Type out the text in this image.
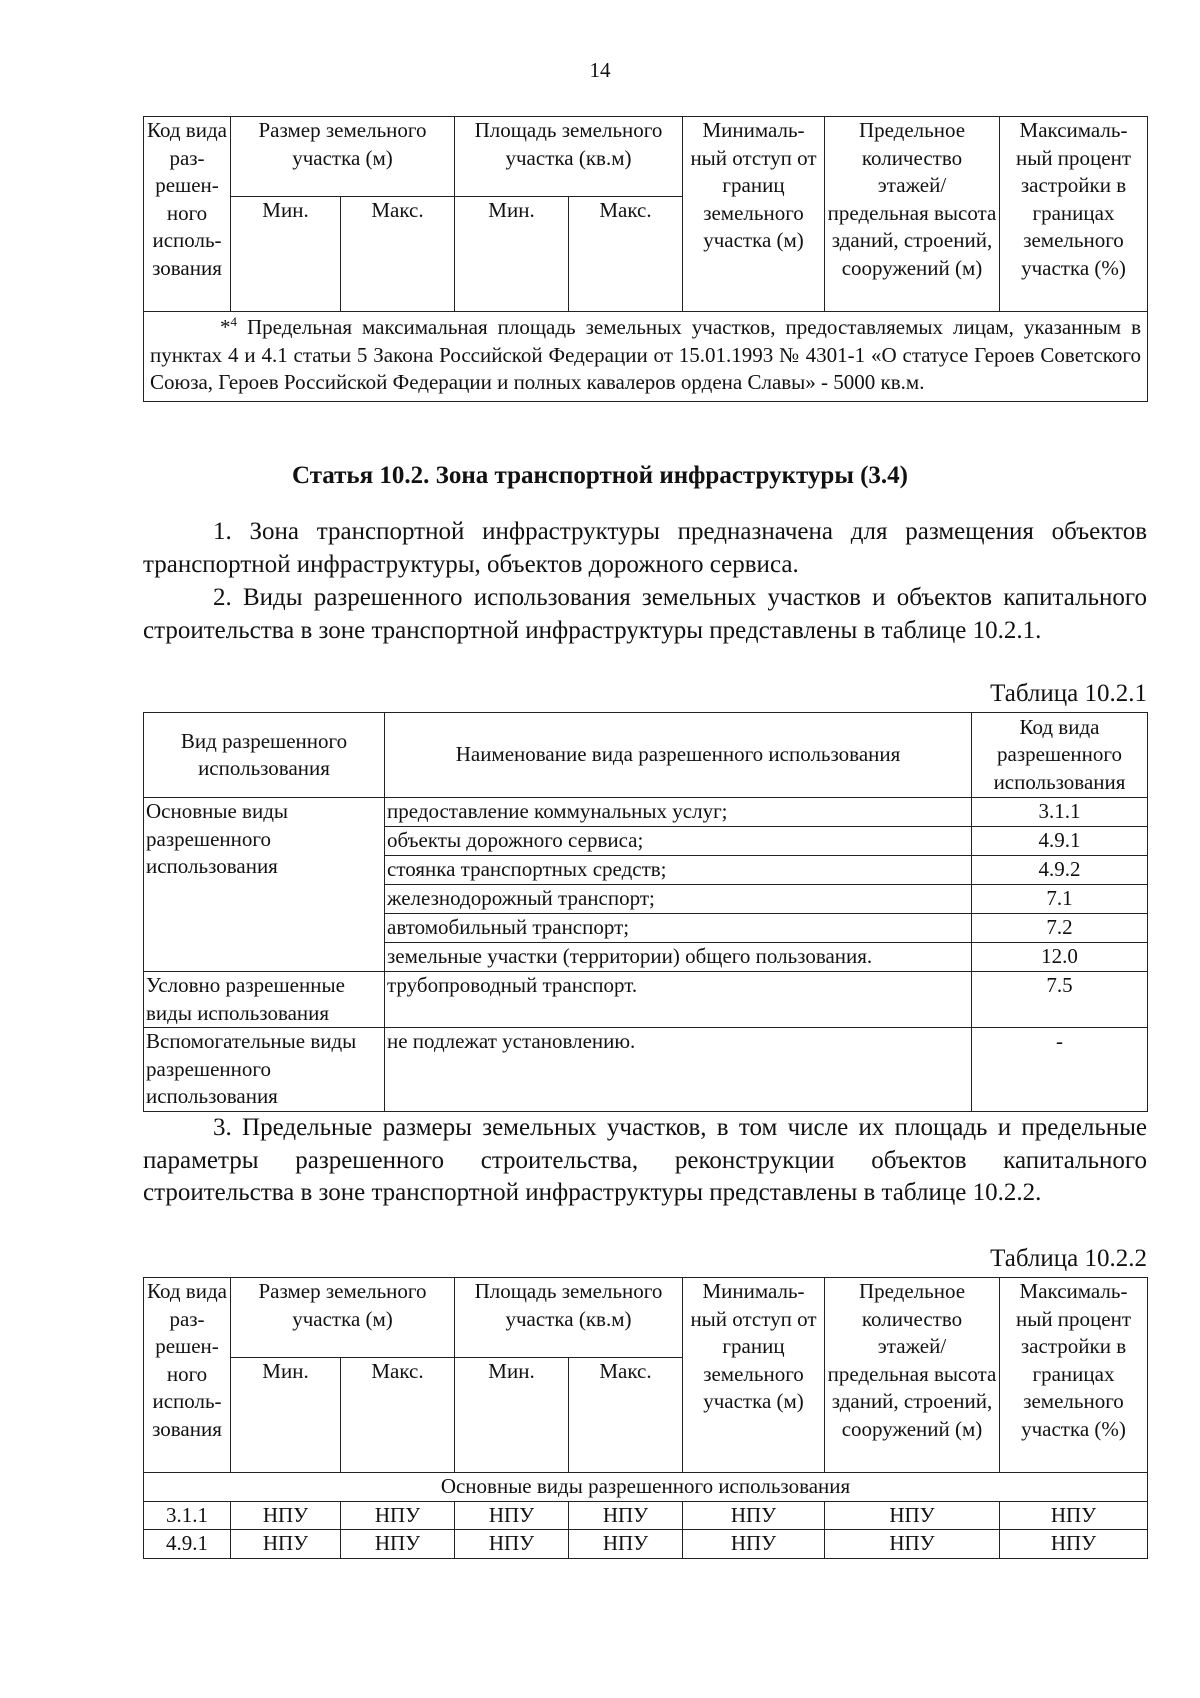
14
Код вида раз-решен-ного исполь-зования	Размер земельного участка (м)		Площадь земельного участка (кв.м)		Минималь-ный отступ от границ земельного участка (м)	Предельное количество этажей/ предельная высота зданий, строений, сооружений (м)	Максималь-ный процент застройки в границах земельного участка (%)
	Мин.	Макс.	Мин.	Макс.			
*$^4$ Предельная максимальная площадь земельных участков, предоставляемых лицам, указанным в пунктах 4 и 4.1 статьи 5 Закона Российской Федерации от 15.01.1993 № 4301-1 «О статусе Героев Советского Союза, Героев Российской Федерации и полных кавалеров ордена Славы» - 5000 кв.м.							
Статья 10.2. Зона транспортной инфраструктуры (3.4)
1. Зона транспортной инфраструктуры предназначена для размещения объектов транспортной инфраструктуры, объектов дорожного сервиса.
2. Виды разрешенного использования земельных участков и объектов капитального строительства в зоне транспортной инфраструктуры представлены в таблице 10.2.1.
Таблица 10.2.1
Вид разрешенного использования	Наименование вида разрешенного использования	Код вида разрешенного использования
Основные виды разрешенного использования	предоставление коммунальных услуг;	3.1.1
	объекты дорожного сервиса;	4.9.1
	стоянка транспортных средств;	4.9.2
	железнодорожный транспорт;	7.1
	автомобильный транспорт;	7.2
	земельные участки (территории) общего пользования.	12.0
Условно разрешенные виды использования	трубопроводный транспорт.	7.5
Вспомогательные виды разрешенного использования	не подлежат установлению.	-
3. Предельные размеры земельных участков, в том числе их площадь и предельные параметры разрешенного строительства, реконструкции объектов капитального строительства в зоне транспортной инфраструктуры представлены в таблице 10.2.2.
Таблица 10.2.2
Код вида раз-решен-ного исполь-зования	Размер земельного участка (м)		Площадь земельного участка (кв.м)		Минималь-ный отступ от границ земельного участка (м)	Предельное количество этажей/ предельная высота зданий, строений, сооружений (м)	Максималь-ный процент застройки в границах земельного участка (%)
	Мин.	Макс.	Мин.	Макс.			
Основные виды разрешенного использования							
3.1.1	НПУ	НПУ	НПУ	НПУ	НПУ	НПУ	НПУ
4.9.1	НПУ	НПУ	НПУ	НПУ	НПУ	НПУ	НПУ
